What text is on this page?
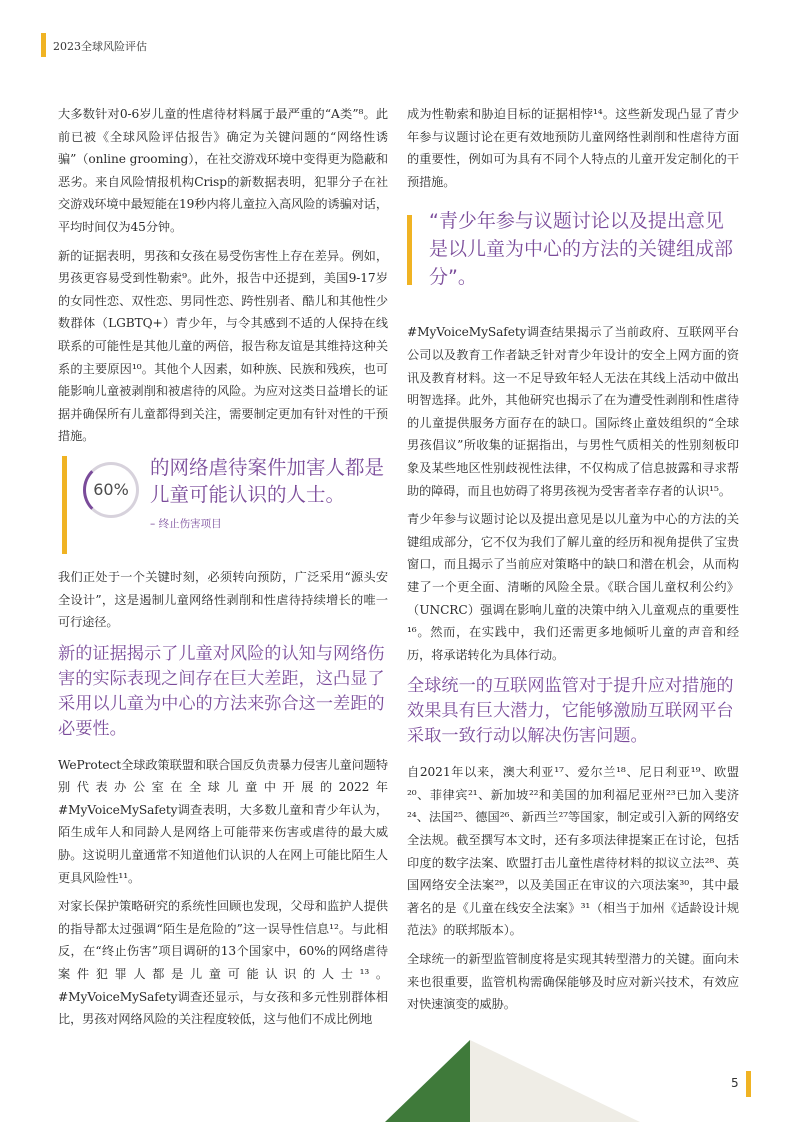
2023全球风险评估

大多数针对0-6岁儿童的性虐待材料属于最严重的“A类”⁸。此前已被《全球风险评估报告》确定为关键问题的“网络性诱骗”（online grooming），在社交游戏环境中变得更为隐蔽和恶劣。来自风险情报机构Crisp的新数据表明，犯罪分子在社交游戏环境中最短能在19秒内将儿童拉入高风险的诱骗对话，平均时间仅为45分钟。

新的证据表明，男孩和女孩在易受伤害性上存在差异。例如，男孩更容易受到性勒索⁹。此外，报告中还提到，美国9-17岁的女同性恋、双性恋、男同性恋、跨性别者、酷儿和其他性少数群体（LGBTQ+）青少年，与令其感到不适的人保持在线联系的可能性是其他儿童的两倍，报告称友谊是其维持这种关系的主要原因¹⁰。其他个人因素，如种族、民族和残疾，也可能影响儿童被剥削和被虐待的风险。为应对这类日益增长的证据并确保所有儿童都得到关注，需要制定更加有针对性的干预措施。

60%
的网络虐待案件加害人都是儿童可能认识的人士。
– 终止伤害项目

我们正处于一个关键时刻，必须转向预防，广泛采用“源头安全设计”，这是遏制儿童网络性剥削和性虐待持续增长的唯一可行途径。

新的证据揭示了儿童对风险的认知与网络伤害的实际表现之间存在巨大差距，这凸显了采用以儿童为中心的方法来弥合这一差距的必要性。

WeProtect全球政策联盟和联合国反负责暴力侵害儿童问题特别代表办公室在全球儿童中开展的2022年#MyVoiceMySafety调查表明，大多数儿童和青少年认为，陌生成年人和同龄人是网络上可能带来伤害或虐待的最大威胁。这说明儿童通常不知道他们认识的人在网上可能比陌生人更具风险性¹¹。

对家长保护策略研究的系统性回顾也发现，父母和监护人提供的指导都太过强调“陌生是危险的”这一误导性信息¹²。与此相反，在“终止伤害”项目调研的13个国家中，60%的网络虐待案件犯罪人都是儿童可能认识的人士¹³。#MyVoiceMySafety调查还显示，与女孩和多元性别群体相比，男孩对网络风险的关注程度较低，这与他们不成比例地

成为性勒索和胁迫目标的证据相悖¹⁴。这些新发现凸显了青少年参与议题讨论在更有效地预防儿童网络性剥削和性虐待方面的重要性，例如可为具有不同个人特点的儿童开发定制化的干预措施。

“青少年参与议题讨论以及提出意见是以儿童为中心的方法的关键组成部分”。

#MyVoiceMySafety调查结果揭示了当前政府、互联网平台公司以及教育工作者缺乏针对青少年设计的安全上网方面的资讯及教育材料。这一不足导致年轻人无法在其线上活动中做出明智选择。此外，其他研究也揭示了在为遭受性剥削和性虐待的儿童提供服务方面存在的缺口。国际终止童妓组织的“全球男孩倡议”所收集的证据指出，与男性气质相关的性别刻板印象及某些地区性别歧视性法律，不仅构成了信息披露和寻求帮助的障碍，而且也妨碍了将男孩视为受害者幸存者的认识¹⁵。

青少年参与议题讨论以及提出意见是以儿童为中心的方法的关键组成部分，它不仅为我们了解儿童的经历和视角提供了宝贵窗口，而且揭示了当前应对策略中的缺口和潜在机会，从而构建了一个更全面、清晰的风险全景。《联合国儿童权利公约》（UNCRC）强调在影响儿童的决策中纳入儿童观点的重要性¹⁶。然而，在实践中，我们还需更多地倾听儿童的声音和经历，将承诺转化为具体行动。

全球统一的互联网监管对于提升应对措施的效果具有巨大潜力，它能够激励互联网平台采取一致行动以解决伤害问题。

自2021年以来，澳大利亚¹⁷、爱尔兰¹⁸、尼日利亚¹⁹、欧盟²⁰、菲律宾²¹、新加坡²²和美国的加利福尼亚州²³已加入斐济²⁴、法国²⁵、德国²⁶、新西兰²⁷等国家，制定或引入新的网络安全法规。截至撰写本文时，还有多项法律提案正在讨论，包括印度的数字法案、欧盟打击儿童性虐待材料的拟议立法²⁸、英国网络安全法案²⁹，以及美国正在审议的六项法案³⁰，其中最著名的是《儿童在线安全法案》³¹（相当于加州《适龄设计规范法》的联邦版本）。

全球统一的新型监管制度将是实现其转型潜力的关键。面向未来也很重要，监管机构需确保能够及时应对新兴技术，有效应对快速演变的威胁。

5
